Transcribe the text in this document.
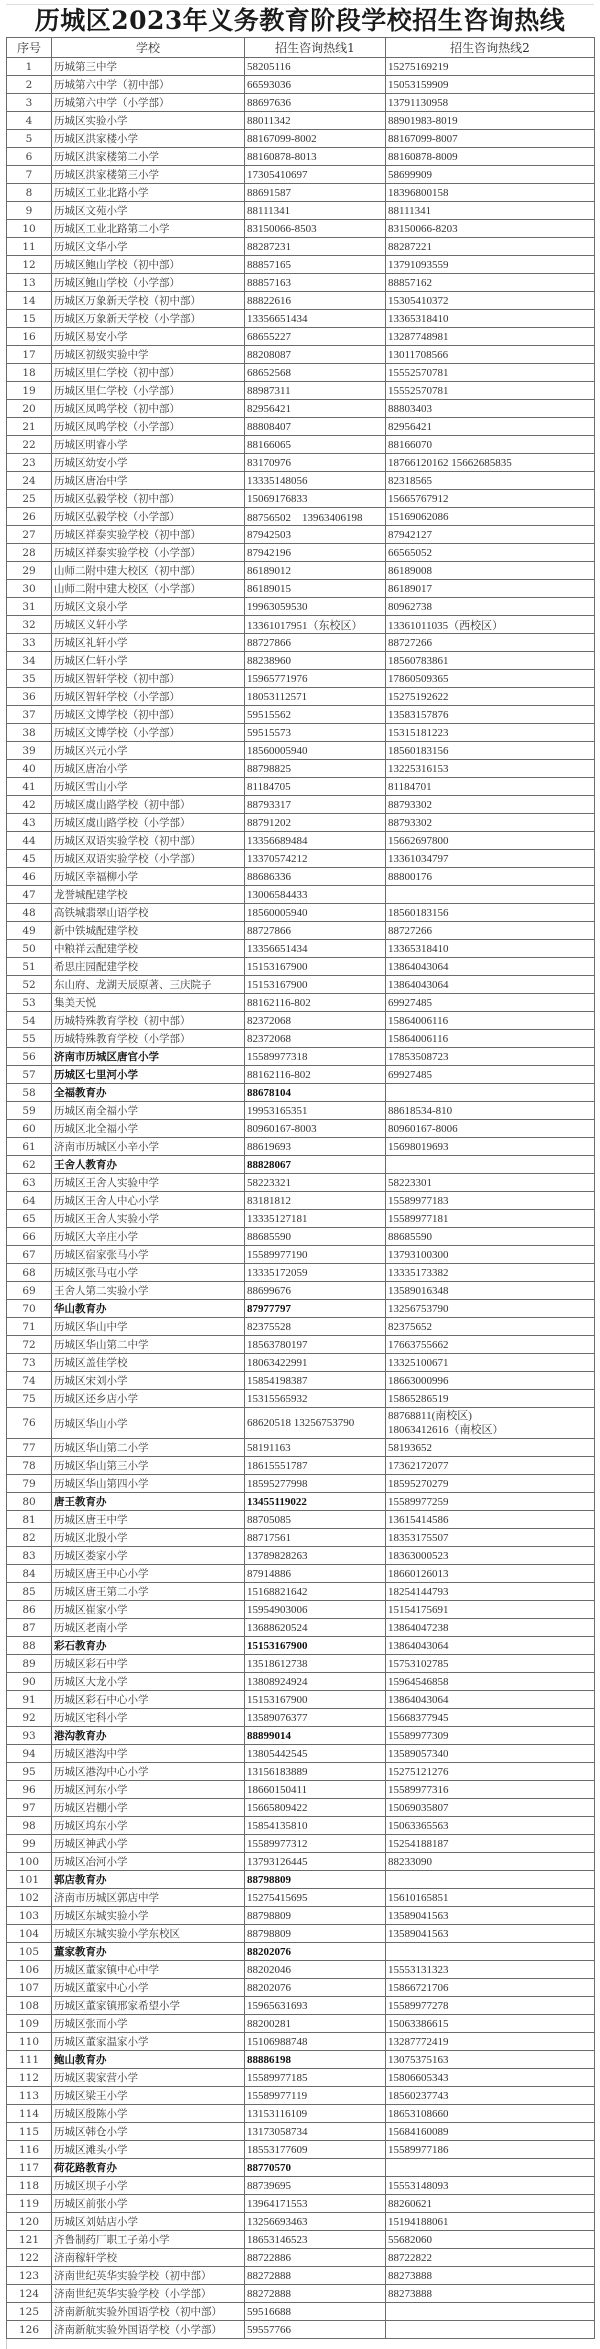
历城区2023年义务教育阶段学校招生咨询热线
序号	学校	招生咨询热线1	招生咨询热线2
1	历城第三中学	58205116	15275169219
2	历城第六中学（初中部）	66593036	15053159909
3	历城第六中学（小学部）	88697636	13791130958
4	历城区实验小学	88011342	88901983-8019
5	历城区洪家楼小学	88167099-8002	88167099-8007
6	历城区洪家楼第二小学	88160878-8013	88160878-8009
7	历城区洪家楼第三小学	17305410697	58699909
8	历城区工业北路小学	88691587	18396800158
9	历城区文苑小学	88111341	88111341
10	历城区工业北路第二小学	83150066-8503	83150066-8203
11	历城区文华小学	88287231	88287221
12	历城区鲍山学校（初中部）	88857165	13791093559
13	历城区鲍山学校（小学部）	88857163	88857162
14	历城区万象新天学校（初中部）	88822616	15305410372
15	历城区万象新天学校（小学部）	13356651434	13365318410
16	历城区易安小学	68655227	13287748981
17	历城区初级实验中学	88208087	13011708566
18	历城区里仁学校（初中部）	68652568	15552570781
19	历城区里仁学校（小学部）	88987311	15552570781
20	历城区凤鸣学校（初中部）	82956421	88803403
21	历城区凤鸣学校（小学部）	88808407	82956421
22	历城区明睿小学	88166065	88166070
23	历城区幼安小学	83170976	18766120162 15662685835
24	历城区唐冶中学	13335148056	82318565
25	历城区弘毅学校（初中部）	15069176833	15665767912
26	历城区弘毅学校（小学部）	88756502　13963406198	15169062086
27	历城区祥泰实验学校（初中部）	87942503	87942127
28	历城区祥泰实验学校（小学部）	87942196	66565052
29	山师二附中建大校区（初中部）	86189012	86189008
30	山师二附中建大校区（小学部）	86189015	86189017
31	历城区文泉小学	19963059530	80962738
32	历城区义轩小学	13361017951（东校区）	13361011035（西校区）
33	历城区礼轩小学	88727866	88727266
34	历城区仁轩小学	88238960	18560783861
35	历城区智轩学校（初中部）	15965771976	17860509365
36	历城区智轩学校（小学部）	18053112571	15275192622
37	历城区文博学校（初中部）	59515562	13583157876
38	历城区文博学校（小学部）	59515573	15315181223
39	历城区兴元小学	18560005940	18560183156
40	历城区唐冶小学	88798825	13225316153
41	历城区雪山小学	81184705	81184701
42	历城区虞山路学校（初中部）	88793317	88793302
43	历城区虞山路学校（小学部）	88791202	88793302
44	历城区双语实验学校（初中部）	13356689484	15662697800
45	历城区双语实验学校（小学部）	13370574212	13361034797
46	历城区幸福柳小学	88686336	88800176
47	龙誉城配建学校	13006584433	
48	高铁城翡翠山语学校	18560005940	18560183156
49	新中铁城配建学校	88727866	88727266
50	中粮祥云配建学校	13356651434	13365318410
51	希思庄园配建学校	15153167900	13864043064
52	东山府、龙湖天辰原著、三庆院子	15153167900	13864043064
53	集美天悦	88162116-802	69927485
54	历城特殊教育学校（初中部）	82372068	15864006116
55	历城特殊教育学校（小学部）	82372068	15864006116
56	济南市历城区唐官小学	15589977318	17853508723
57	历城区七里河小学	88162116-802	69927485
58	全福教育办	88678104	
59	历城区南全福小学	19953165351	88618534-810
60	历城区北全福小学	80960167-8003	80960167-8006
61	济南市历城区小辛小学	88619693	15698019693
62	王舍人教育办	88828067	
63	历城区王舍人实验中学	58223321	58223301
64	历城区王舍人中心小学	83181812	15589977183
65	历城区王舍人实验小学	13335127181	15589977181
66	历城区大辛庄小学	88685590	88685590
67	历城区宿家张马小学	15589977190	13793100300
68	历城区张马屯小学	13335172059	13335173382
69	王舍人第二实验小学	88699676	13589016348
70	华山教育办	87977797	13256753790
71	历城区华山中学	82375528	82375652
72	历城区华山第二中学	18563780197	17663755662
73	历城区盖佳学校	18063422991	13325100671
74	历城区宋刘小学	15854198387	18663000996
75	历城区还乡店小学	15315565932	15865286519
76	历城区华山小学	68620518 13256753790	88768811(南校区)
18063412616（南校区）

77	历城区华山第二小学	58191163	58193652
78	历城区华山第三小学	18615551787	17362172077
79	历城区华山第四小学	18595277998	18595270279
80	唐王教育办	13455119022	15589977259
81	历城区唐王中学	88705085	13615414586
82	历城区北殷小学	88717561	18353175507
83	历城区娄家小学	13789828263	18363000523
84	历城区唐王中心小学	87914886	18660126013
85	历城区唐王第二小学	15168821642	18254144793
86	历城区崔家小学	15954903006	15154175691
87	历城区老南小学	13688620524	13864047238
88	彩石教育办	15153167900	13864043064
89	历城区彩石中学	13518612738	15753102785
90	历城区大龙小学	13808924924	15964546858
91	历城区彩石中心小学	15153167900	13864043064
92	历城区宅科小学	13589076377	15668377945
93	港沟教育办	88899014	15589977309
94	历城区港沟中学	13805442545	13589057340
95	历城区港沟中心小学	13156183889	15275121276
96	历城区河东小学	18660150411	15589977316
97	历城区岩棚小学	15665809422	15069035807
98	历城区坞东小学	15854135810	15063365563
99	历城区神武小学	15589977312	15254188187
100	历城区冶河小学	13793126445	88233090
101	郭店教育办	88798809	
102	济南市历城区郭店中学	15275415695	15610165851
103	历城区东城实验小学	88798809	13589041563
104	历城区东城实验小学东校区	88798809	13589041563
105	董家教育办	88202076	
106	历城区董家镇中心中学	88202046	15553131323
107	历城区董家中心小学	88202076	15866721706
108	历城区董家镇邢家希望小学	15965631693	15589977278
109	历城区张而小学	88200281	15063386615
110	历城区董家温家小学	15106988748	13287772419
111	鲍山教育办	88886198	13075375163
112	历城区裴家营小学	15589977185	15806605343
113	历城区梁王小学	15589977119	18560237743
114	历城区殷陈小学	13153116109	18653108660
115	历城区韩仓小学	13173058734	15684160089
116	历城区滩头小学	18553177609	15589977186
117	荷花路教育办	88770570	
118	历城区坝子小学	88739695	15553148093
119	历城区前张小学	13964171553	88260621
120	历城区刘姑店小学	13256693463	15194188061
121	齐鲁制药厂职工子弟小学	18653146523	55682060
122	济南稼轩学校	88722886	88722822
123	济南世纪英华实验学校（初中部）	88272888	88273888
124	济南世纪英华实验学校（小学部）	88272888	88273888
125	济南新航实验外国语学校（初中部）	59516688	
126	济南新航实验外国语学校（小学部）	59557766	
